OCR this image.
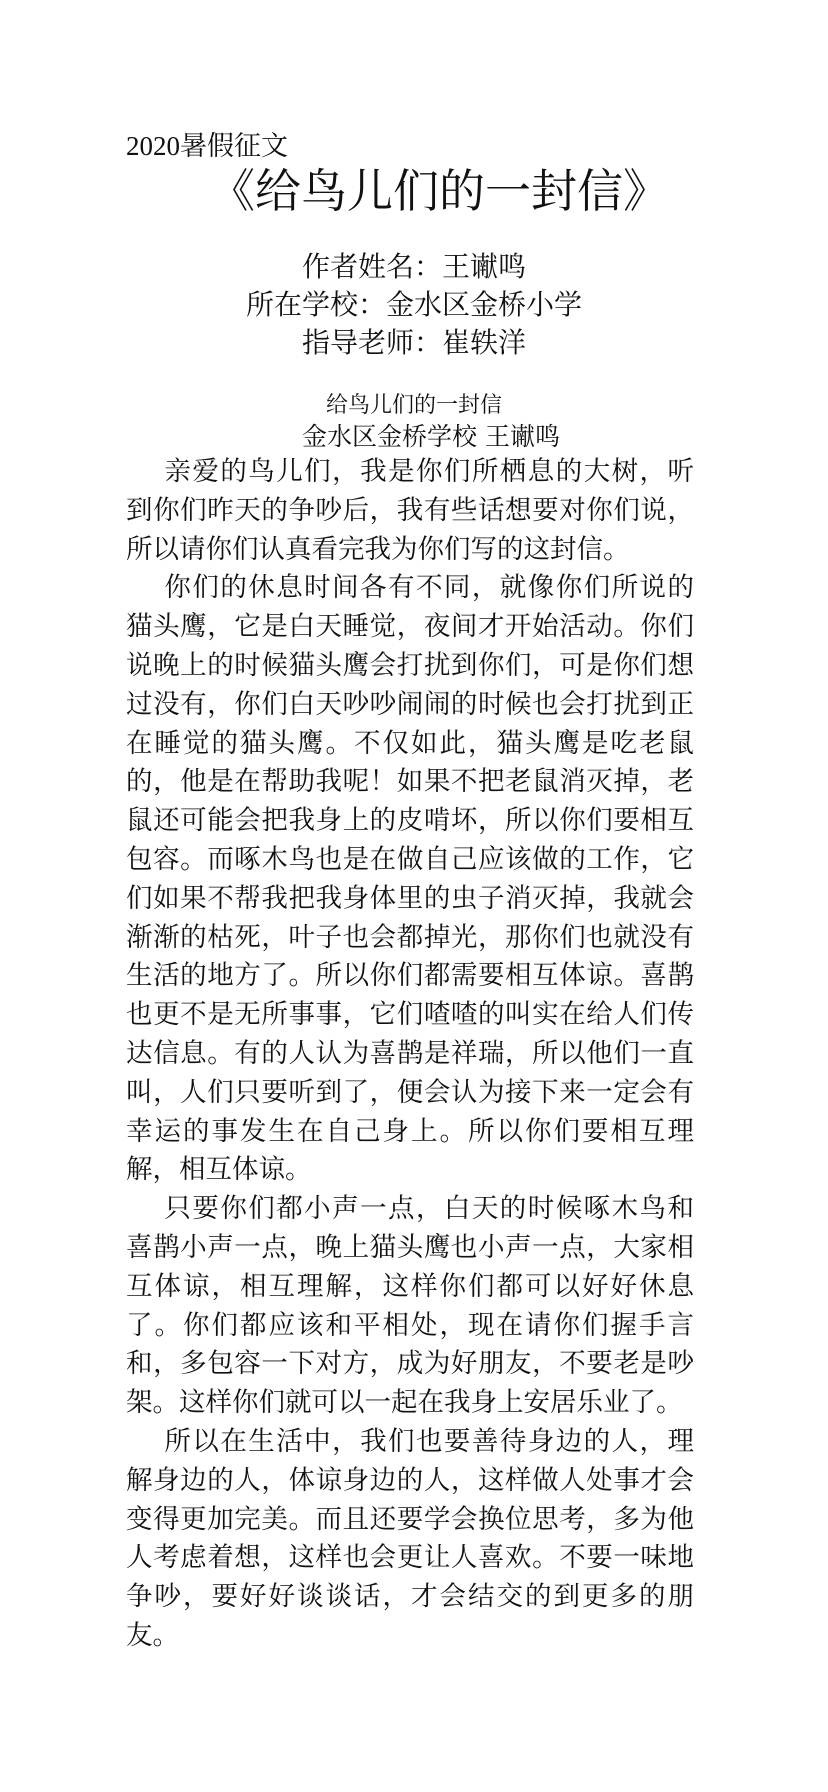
2020暑假征文
《给鸟儿们的一封信》
作者姓名：王谳鸣
所在学校：金水区金桥小学
指导老师：崔轶洋
给鸟儿们的一封信
金水区金桥学校 王谳鸣

亲爱的鸟儿们，我是你们所栖息的大树，听到你们昨天的争吵后，我有些话想要对你们说，所以请你们认真看完我为你们写的这封信。

你们的休息时间各有不同，就像你们所说的猫头鹰，它是白天睡觉，夜间才开始活动。你们说晚上的时候猫头鹰会打扰到你们，可是你们想过没有，你们白天吵吵闹闹的时候也会打扰到正在睡觉的猫头鹰。不仅如此，猫头鹰是吃老鼠的，他是在帮助我呢！如果不把老鼠消灭掉，老鼠还可能会把我身上的皮啃坏，所以你们要相互包容。而啄木鸟也是在做自己应该做的工作，它们如果不帮我把我身体里的虫子消灭掉，我就会渐渐的枯死，叶子也会都掉光，那你们也就没有生活的地方了。所以你们都需要相互体谅。喜鹊也更不是无所事事，它们喳喳的叫实在给人们传达信息。有的人认为喜鹊是祥瑞，所以他们一直叫，人们只要听到了，便会认为接下来一定会有幸运的事发生在自己身上。所以你们要相互理解，相互体谅。

只要你们都小声一点，白天的时候啄木鸟和喜鹊小声一点，晚上猫头鹰也小声一点，大家相互体谅，相互理解，这样你们都可以好好休息了。你们都应该和平相处，现在请你们握手言和，多包容一下对方，成为好朋友，不要老是吵架。这样你们就可以一起在我身上安居乐业了。

所以在生活中，我们也要善待身边的人，理解身边的人，体谅身边的人，这样做人处事才会变得更加完美。而且还要学会换位思考，多为他人考虑着想，这样也会更让人喜欢。不要一味地争吵，要好好谈谈话，才会结交的到更多的朋友。
